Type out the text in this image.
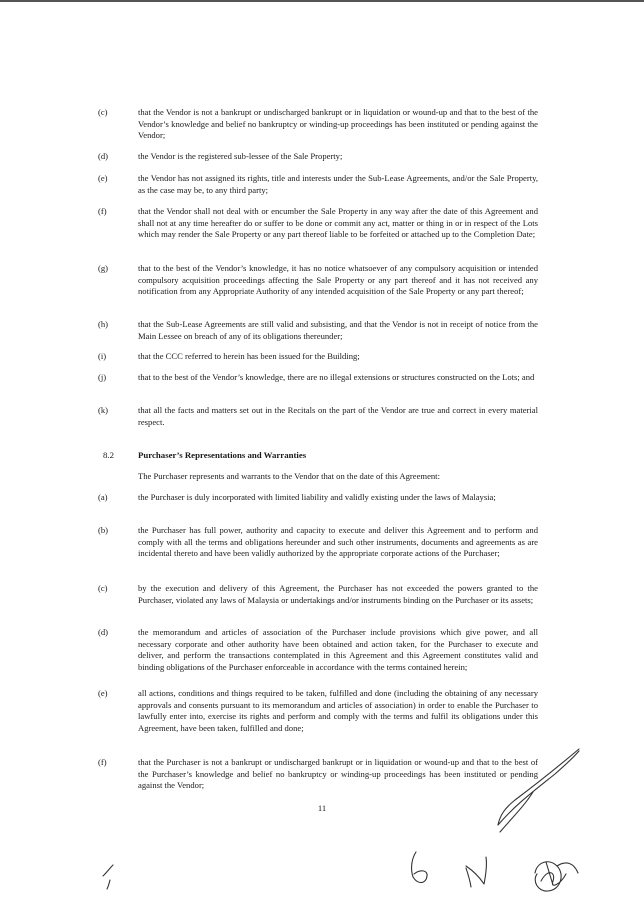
(c)	that the Vendor is not a bankrupt or undischarged bankrupt or in liquidation or wound-up and that to the best of the Vendor’s knowledge and belief no bankruptcy or winding-up proceedings has been instituted or pending against the Vendor;
(d)	the Vendor is the registered sub-lessee of the Sale Property;
(e)	the Vendor has not assigned its rights, title and interests under the Sub-Lease Agreements, and/or the Sale Property, as the case may be, to any third party;
(f)	that the Vendor shall not deal with or encumber the Sale Property in any way after the date of this Agreement and shall not at any time hereafter do or suffer to be done or commit any act, matter or thing in or in respect of the Lots which may render the Sale Property or any part thereof liable to be forfeited or attached up to the Completion Date;
(g)	that to the best of the Vendor’s knowledge, it has no notice whatsoever of any compulsory acquisition or intended compulsory acquisition proceedings affecting the Sale Property or any part thereof and it has not received any notification from any Appropriate Authority of any intended acquisition of the Sale Property or any part thereof;
(h)	that the Sub-Lease Agreements are still valid and subsisting, and that the Vendor is not in receipt of notice from the Main Lessee on breach of any of its obligations thereunder;
(i)	that the CCC referred to herein has been issued for the Building;
(j)	that to the best of the Vendor’s knowledge, there are no illegal extensions or structures constructed on the Lots; and
(k)	that all the facts and matters set out in the Recitals on the part of the Vendor are true and correct in every material respect.
8.2	Purchaser’s Representations and Warranties
The Purchaser represents and warrants to the Vendor that on the date of this Agreement:
(a)	the Purchaser is duly incorporated with limited liability and validly existing under the laws of Malaysia;
(b)	the Purchaser has full power, authority and capacity to execute and deliver this Agreement and to perform and comply with all the terms and obligations hereunder and such other instruments, documents and agreements as are incidental thereto and have been validly authorized by the appropriate corporate actions of the Purchaser;
(c)	by the execution and delivery of this Agreement, the Purchaser has not exceeded the powers granted to the Purchaser, violated any laws of Malaysia or undertakings and/or instruments binding on the Purchaser or its assets;
(d)	the memorandum and articles of association of the Purchaser include provisions which give power, and all necessary corporate and other authority have been obtained and action taken, for the Purchaser to execute and deliver, and perform the transactions contemplated in this Agreement and this Agreement constitutes valid and binding obligations of the Purchaser enforceable in accordance with the terms contained herein;
(e)	all actions, conditions and things required to be taken, fulfilled and done (including the obtaining of any necessary approvals and consents pursuant to its memorandum and articles of association) in order to enable the Purchaser to lawfully enter into, exercise its rights and perform and comply with the terms and fulfil its obligations under this Agreement, have been taken, fulfilled and done;
(f)	that the Purchaser is not a bankrupt or undischarged bankrupt or in liquidation or wound-up and that to the best of the Purchaser’s knowledge and belief no bankruptcy or winding-up proceedings has been instituted or pending against the Vendor;
11
